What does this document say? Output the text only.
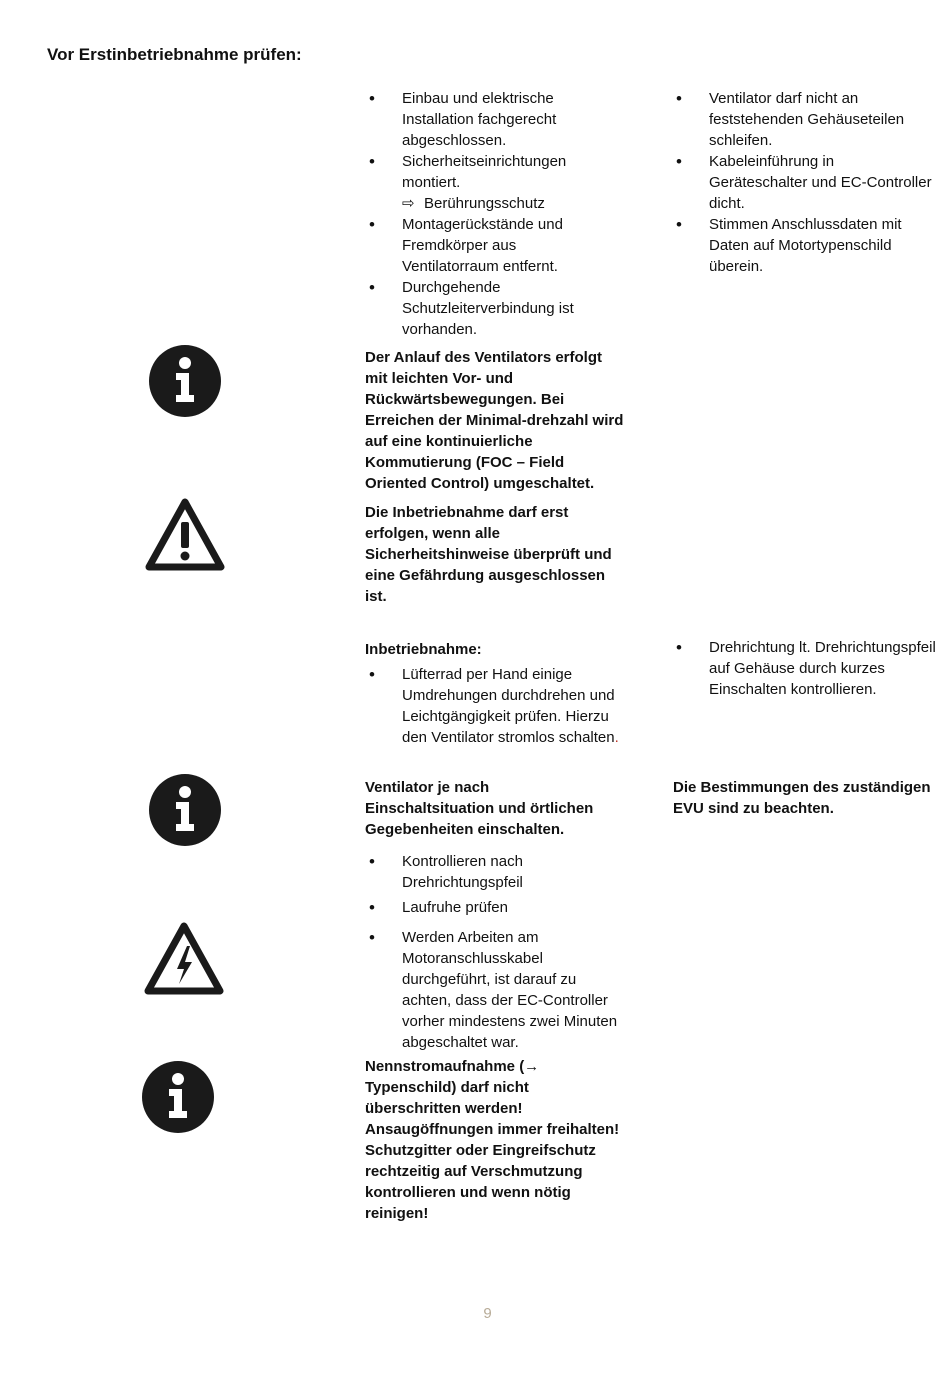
Vor Erstinbetriebnahme prüfen:
• Einbau und elektrische Installation fachgerecht abgeschlossen.
• Sicherheitseinrichtungen montiert.
⇨ Berührungsschutz
• Montagerückstände und Fremdkörper aus Ventilatorraum entfernt.
• Durchgehende Schutzleiterverbindung ist vorhanden.
• Ventilator darf nicht an feststehenden Gehäuseteilen schleifen.
• Kabeleinführung in Geräteschalter und EC-Controller dicht.
• Stimmen Anschlussdaten mit Daten auf Motortypenschild überein.
Der Anlauf des Ventilators erfolgt mit leichten Vor- und Rückwärtsbewegungen. Bei Erreichen der Minimal-drehzahl wird auf eine kontinuierliche Kommutierung (FOC – Field Oriented Control) umgeschaltet.
Die Inbetriebnahme darf erst erfolgen, wenn alle Sicherheitshinweise überprüft und eine Gefährdung ausgeschlossen ist.
Inbetriebnahme:
• Lüfterrad per Hand einige Umdrehungen durchdrehen und Leichtgängigkeit prüfen. Hierzu den Ventilator stromlos schalten.
• Drehrichtung lt. Drehrichtungspfeil auf Gehäuse durch kurzes Einschalten kontrollieren.
Ventilator je nach Einschaltsituation und örtlichen Gegebenheiten einschalten.
Die Bestimmungen des zuständigen EVU sind zu beachten.
• Kontrollieren nach Drehrichtungspfeil
• Laufruhe prüfen
• Werden Arbeiten am Motoranschlusskabel durchgeführt, ist darauf zu achten, dass der EC-Controller vorher mindestens zwei Minuten abgeschaltet war.
Nennstromaufnahme (→ Typenschild) darf nicht überschritten werden! Ansaugöffnungen immer freihalten! Schutzgitter oder Eingreifschutz rechtzeitig auf Verschmutzung kontrollieren und wenn nötig reinigen!
9
